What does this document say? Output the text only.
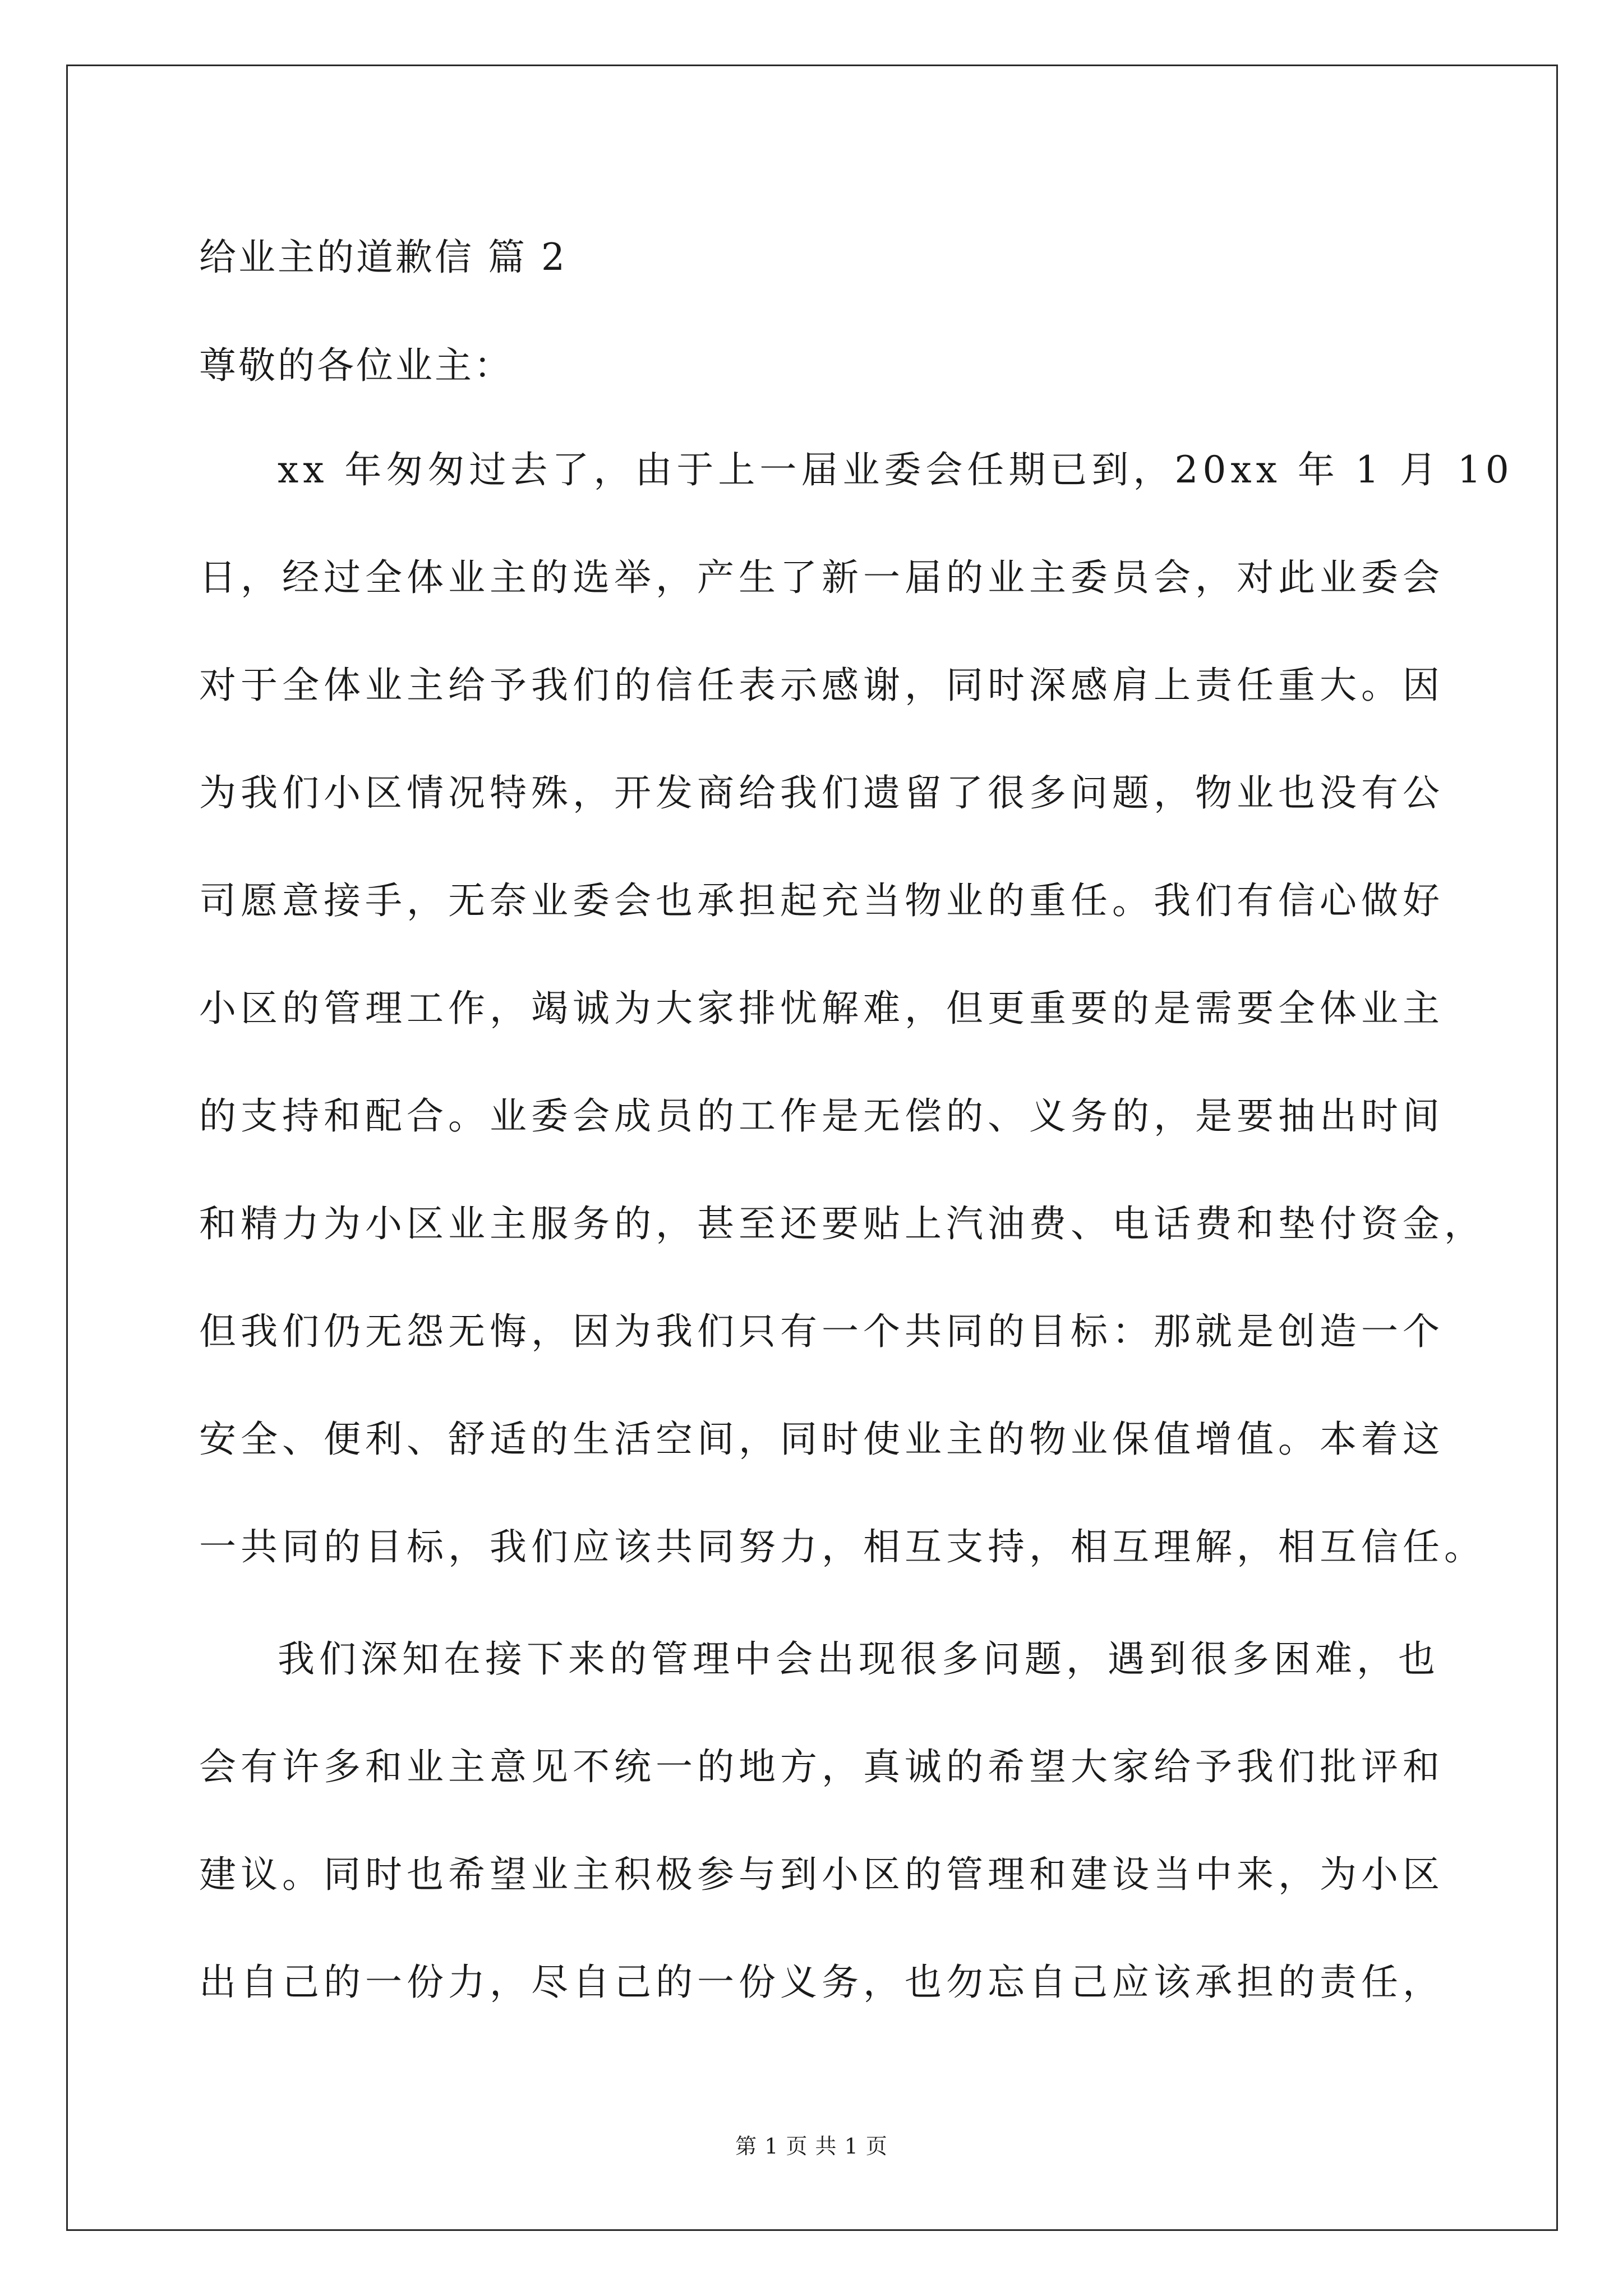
给业主的道歉信 篇 2
尊敬的各位业主：
xx 年匆匆过去了，由于上一届业委会任期已到，20xx 年 1 月 10
日，经过全体业主的选举，产生了新一届的业主委员会，对此业委会
对于全体业主给予我们的信任表示感谢，同时深感肩上责任重大。因
为我们小区情况特殊，开发商给我们遗留了很多问题，物业也没有公
司愿意接手，无奈业委会也承担起充当物业的重任。我们有信心做好
小区的管理工作，竭诚为大家排忧解难，但更重要的是需要全体业主
的支持和配合。业委会成员的工作是无偿的、义务的，是要抽出时间
和精力为小区业主服务的，甚至还要贴上汽油费、电话费和垫付资金，
但我们仍无怨无悔，因为我们只有一个共同的目标：那就是创造一个
安全、便利、舒适的生活空间，同时使业主的物业保值增值。本着这
一共同的目标，我们应该共同努力，相互支持，相互理解，相互信任。
我们深知在接下来的管理中会出现很多问题，遇到很多困难，也
会有许多和业主意见不统一的地方，真诚的希望大家给予我们批评和
建议。同时也希望业主积极参与到小区的管理和建设当中来，为小区
出自己的一份力，尽自己的一份义务，也勿忘自己应该承担的责任，
第 1 页 共 1 页
